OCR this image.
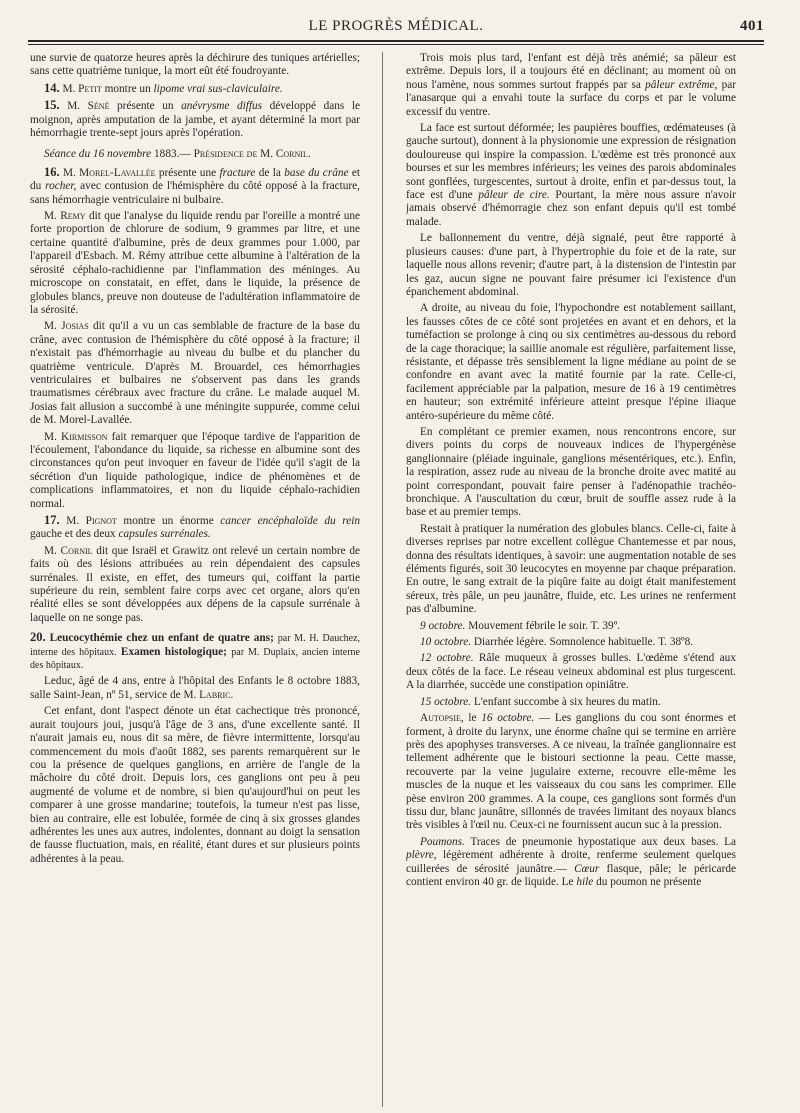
LE PROGRÈS MÉDICAL.	401

une survie de quatorze heures après la déchirure des tuniques artérielles; sans cette quatrième tunique, la mort eût été foudroyante.

14. M. Petit montre un lipome vrai sus-claviculaire.

15. M. Séné présente un anévrysme diffus développé dans le moignon, après amputation de la jambe, et ayant déterminé la mort par hémorrhagie trente-sept jours après l'opération.

Séance du 16 novembre 1883.— Présidence de M. Cornil.

16. M. Morel-Lavallée présente une fracture de la base du crâne et du rocher, avec contusion de l'hémisphère du côté opposé à la fracture, sans hémorrhagie ventriculaire ni bulbaire.

M. Remy dit que l'analyse du liquide rendu par l'oreille a montré une forte proportion de chlorure de sodium, 9 grammes par litre, et une certaine quantité d'albumine, près de deux grammes pour 1.000, par l'appareil d'Esbach. M. Rémy attribue cette albumine à l'altération de la sérosité céphalo-rachidienne par l'inflammation des méninges. Au microscope on constatait, en effet, dans le liquide, la présence de globules blancs, preuve non douteuse de l'adultération inflammatoire de la sérosité.

M. Josias dit qu'il a vu un cas semblable de fracture de la base du crâne, avec contusion de l'hémisphère du côté opposé à la fracture; il n'existait pas d'hémorrhagie au niveau du bulbe et du plancher du quatrième ventricule. D'après M. Brouardel, ces hémorrhagies ventriculaires et bulbaires ne s'observent pas dans les grands traumatismes cérébraux avec fracture du crâne. Le malade auquel M. Josias fait allusion a succombé à une méningite suppurée, comme celui de M. Morel-Lavallée.

M. Kirmisson fait remarquer que l'époque tardive de l'apparition de l'écoulement, l'abondance du liquide, sa richesse en albumine sont des circonstances qu'on peut invoquer en faveur de l'idée qu'il s'agit de la sécrétion d'un liquide pathologique, indice de phénomènes et de complications inflammatoires, et non du liquide céphalo-rachidien normal.

17. M. Pignot montre un énorme cancer encéphaloïde du rein gauche et des deux capsules surrénales.

M. Cornil dit que Israël et Grawitz ont relevé un certain nombre de faits où des lésions attribuées au rein dépendaient des capsules surrénales. Il existe, en effet, des tumeurs qui, coiffant la partie supérieure du rein, semblent faire corps avec cet organe, alors qu'en réalité elles se sont développées aux dépens de la capsule surrénale à laquelle on ne songe pas.

20. Leucocythémie chez un enfant de quatre ans; par M. H. Dauchez, interne des hôpitaux. Examen histologique; par M. Duplaix, ancien interne des hôpitaux.

Leduc, âgé de 4 ans, entre à l'hôpital des Enfants le 8 octobre 1883, salle Saint-Jean, nº 51, service de M. Labric.

Cet enfant, dont l'aspect dénote un état cachectique très prononcé, aurait toujours joui, jusqu'à l'âge de 3 ans, d'une excellente santé. Il n'aurait jamais eu, nous dit sa mère, de fièvre intermittente, lorsqu'au commencement du mois d'août 1882, ses parents remarquèrent sur le cou la présence de quelques ganglions, en arrière de l'angle de la mâchoire du côté droit. Depuis lors, ces ganglions ont peu à peu augmenté de volume et de nombre, si bien qu'aujourd'hui on peut les comparer à une grosse mandarine; toutefois, la tumeur n'est pas lisse, bien au contraire, elle est lobulée, formée de cinq à six grosses glandes adhérentes les unes aux autres, indolentes, donnant au doigt la sensation de fausse fluctuation, mais, en réalité, étant dures et sur plusieurs points adhérentes à la peau.

Trois mois plus tard, l'enfant est déjà très anémié; sa pâleur est extrême. Depuis lors, il a toujours été en déclinant; au moment où on nous l'amène, nous sommes surtout frappés par sa pâleur extrême, par l'anasarque qui a envahi toute la surface du corps et par le volume excessif du ventre.

La face est surtout déformée; les paupières bouffies, œdémateuses (à gauche surtout), donnent à la physionomie une expression de résignation douloureuse qui inspire la compassion. L'œdème est très prononcé aux bourses et sur les membres inférieurs; les veines des parois abdominales sont gonflées, turgescentes, surtout à droite, enfin et par-dessus tout, la face est d'une pâleur de cire. Pourtant, la mère nous assure n'avoir jamais observé d'hémorragie chez son enfant depuis qu'il est tombé malade.

Le ballonnement du ventre, déjà signalé, peut être rapporté à plusieurs causes: d'une part, à l'hypertrophie du foie et de la rate, sur laquelle nous allons revenir; d'autre part, à la distension de l'intestin par les gaz, aucun signe ne pouvant faire présumer ici l'existence d'un épanchement abdominal.

A droite, au niveau du foie, l'hypochondre est notablement saillant, les fausses côtes de ce côté sont projetées en avant et en dehors, et la tuméfaction se prolonge à cinq ou six centimètres au-dessous du rebord de la cage thoracique; la saillie anomale est régulière, parfaitement lisse, résistante, et dépasse très sensiblement la ligne médiane au point de se confondre en avant avec la matité fournie par la rate. Celle-ci, facilement appréciable par la palpation, mesure de 16 à 19 centimètres en hauteur; son extrémité inférieure atteint presque l'épine iliaque antéro-supérieure du même côté.

En complétant ce premier examen, nous rencontrons encore, sur divers points du corps de nouveaux indices de l'hypergénèse ganglionnaire (pléiade inguinale, ganglions mésentériques, etc.). Enfin, la respiration, assez rude au niveau de la bronche droite avec matité au point correspondant, pouvait faire penser à l'adénopathie trachéo-bronchique. A l'auscultation du cœur, bruit de souffle assez rude à la base et au premier temps.

Restait à pratiquer la numération des globules blancs. Celle-ci, faite à diverses reprises par notre excellent collègue Chantemesse et par nous, donna des résultats identiques, à savoir: une augmentation notable de ses éléments figurés, soit 30 leucocytes en moyenne par chaque préparation. En outre, le sang extrait de la piqûre faite au doigt était manifestement séreux, très pâle, un peu jaunâtre, fluide, etc. Les urines ne renferment pas d'albumine.

9 octobre. Mouvement fébrile le soir. T. 39º.

10 octobre. Diarrhée légère. Somnolence habituelle. T. 38º8.

12 octobre. Râle muqueux à grosses bulles. L'œdème s'étend aux deux côtés de la face. Le réseau veineux abdominal est plus turgescent. A la diarrhée, succède une constipation opiniâtre.

15 octobre. L'enfant succombe à six heures du matin.

Autopsie, le 16 octobre. — Les ganglions du cou sont énormes et forment, à droite du larynx, une énorme chaîne qui se termine en arrière près des apophyses transverses. A ce niveau, la traînée ganglionnaire est tellement adhérente que le bistouri sectionne la peau. Cette masse, recouverte par la veine jugulaire externe, recouvre elle-même les muscles de la nuque et les vaisseaux du cou sans les comprimer. Elle pèse environ 200 grammes. A la coupe, ces ganglions sont formés d'un tissu dur, blanc jaunâtre, sillonnés de travées limitant des noyaux blancs très visibles à l'œil nu. Ceux-ci ne fournissent aucun suc à la pression.

Poumons. Traces de pneumonie hypostatique aux deux bases. La plèvre, légèrement adhérente à droite, renferme seulement quelques cuillerées de sérosité jaunâtre.— Cœur flasque, pâle; le péricarde contient environ 40 gr. de liquide. Le hile du poumon ne présente
